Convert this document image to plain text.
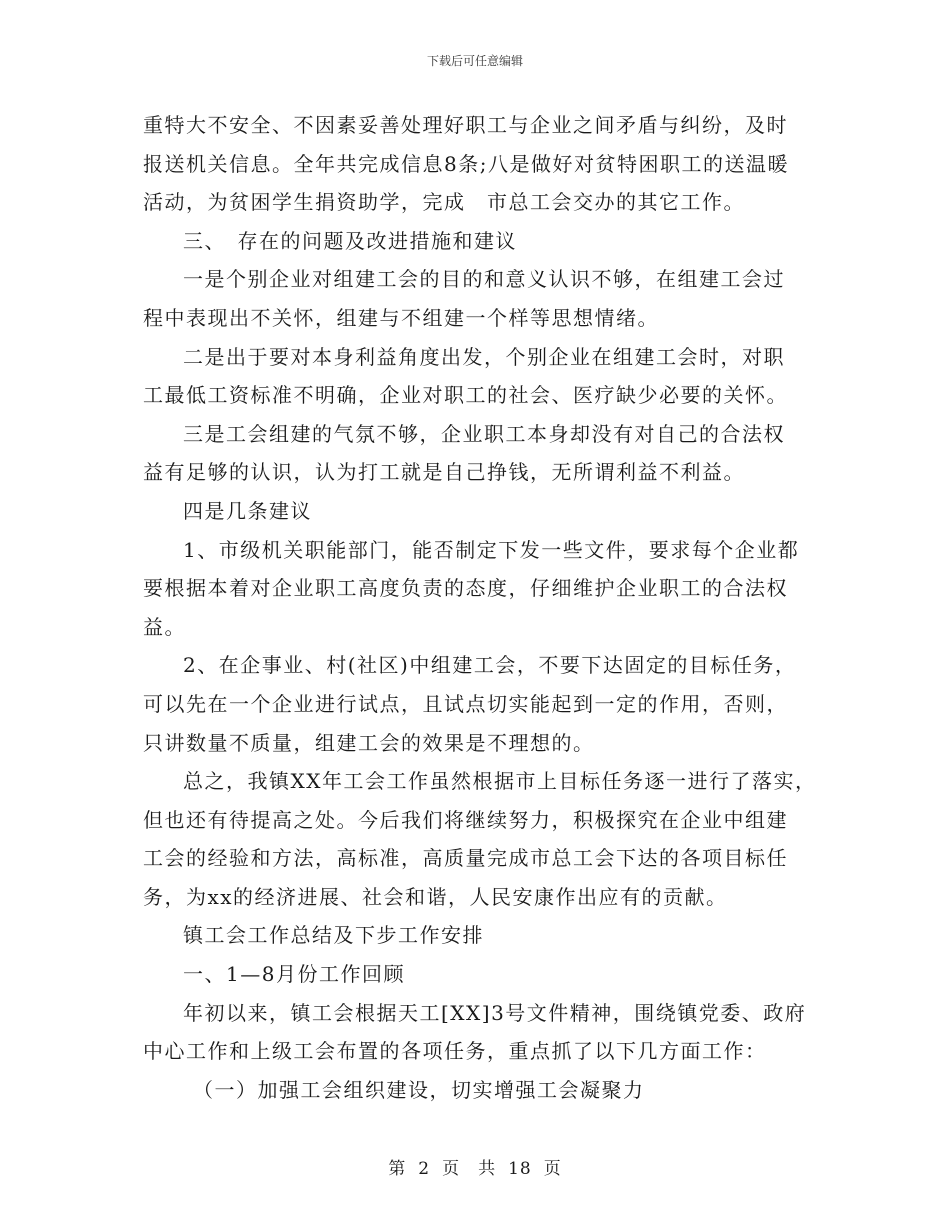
下载后可任意编辑
重特大不安全、不因素妥善处理好职工与企业之间矛盾与纠纷，及时
报送机关信息。全年共完成信息8条;八是做好对贫特困职工的送温暖
活动，为贫困学生捐资助学，完成　市总工会交办的其它工作。
三、　存在的问题及改进措施和建议
一是个别企业对组建工会的目的和意义认识不够，在组建工会过
程中表现出不关怀，组建与不组建一个样等思想情绪。
二是出于要对本身利益角度出发，个别企业在组建工会时，对职
工最低工资标准不明确，企业对职工的社会、医疗缺少必要的关怀。
三是工会组建的气氛不够，企业职工本身却没有对自己的合法权
益有足够的认识，认为打工就是自己挣钱，无所谓利益不利益。
四是几条建议
1、市级机关职能部门，能否制定下发一些文件，要求每个企业都
要根据本着对企业职工高度负责的态度，仔细维护企业职工的合法权
益。
2、在企事业、村(社区)中组建工会，不要下达固定的目标任务，
可以先在一个企业进行试点，且试点切实能起到一定的作用，否则，
只讲数量不质量，组建工会的效果是不理想的。
总之，我镇XX年工会工作虽然根据市上目标任务逐一进行了落实，
但也还有待提高之处。今后我们将继续努力，积极探究在企业中组建
工会的经验和方法，高标准，高质量完成市总工会下达的各项目标任
务，为xx的经济进展、社会和谐，人民安康作出应有的贡献。
镇工会工作总结及下步工作安排
一、1—8月份工作回顾
年初以来，镇工会根据天工[XX]3号文件精神，围绕镇党委、政府
中心工作和上级工会布置的各项任务，重点抓了以下几方面工作：
（一）加强工会组织建设，切实增强工会凝聚力
第 2 页　共 18 页
